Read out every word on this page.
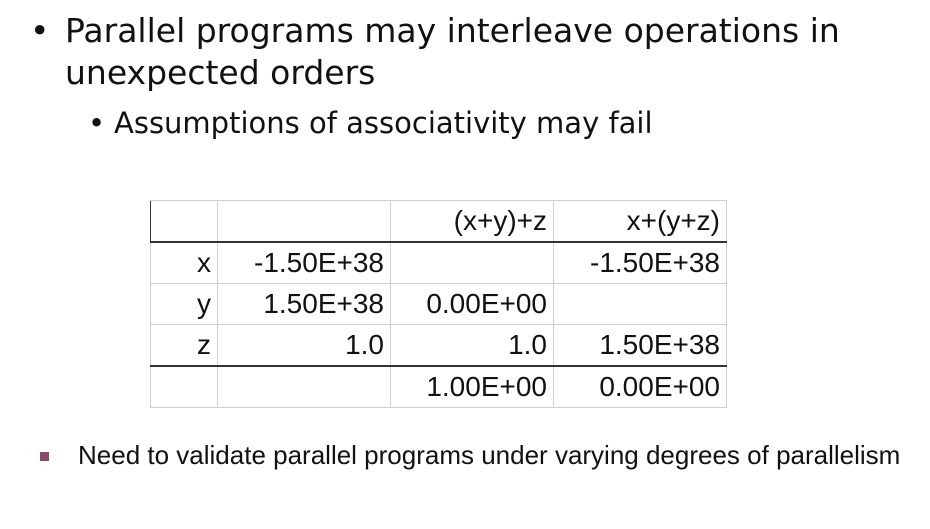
• Parallel programs may interleave operations in unexpected orders
• Assumptions of associativity may fail
		(x+y)+z	x+(y+z)
x	-1.50E+38		-1.50E+38
y	1.50E+38	0.00E+00	
z	1.0	1.0	1.50E+38
		1.00E+00	0.00E+00
Need to validate parallel programs under varying degrees of parallelism
